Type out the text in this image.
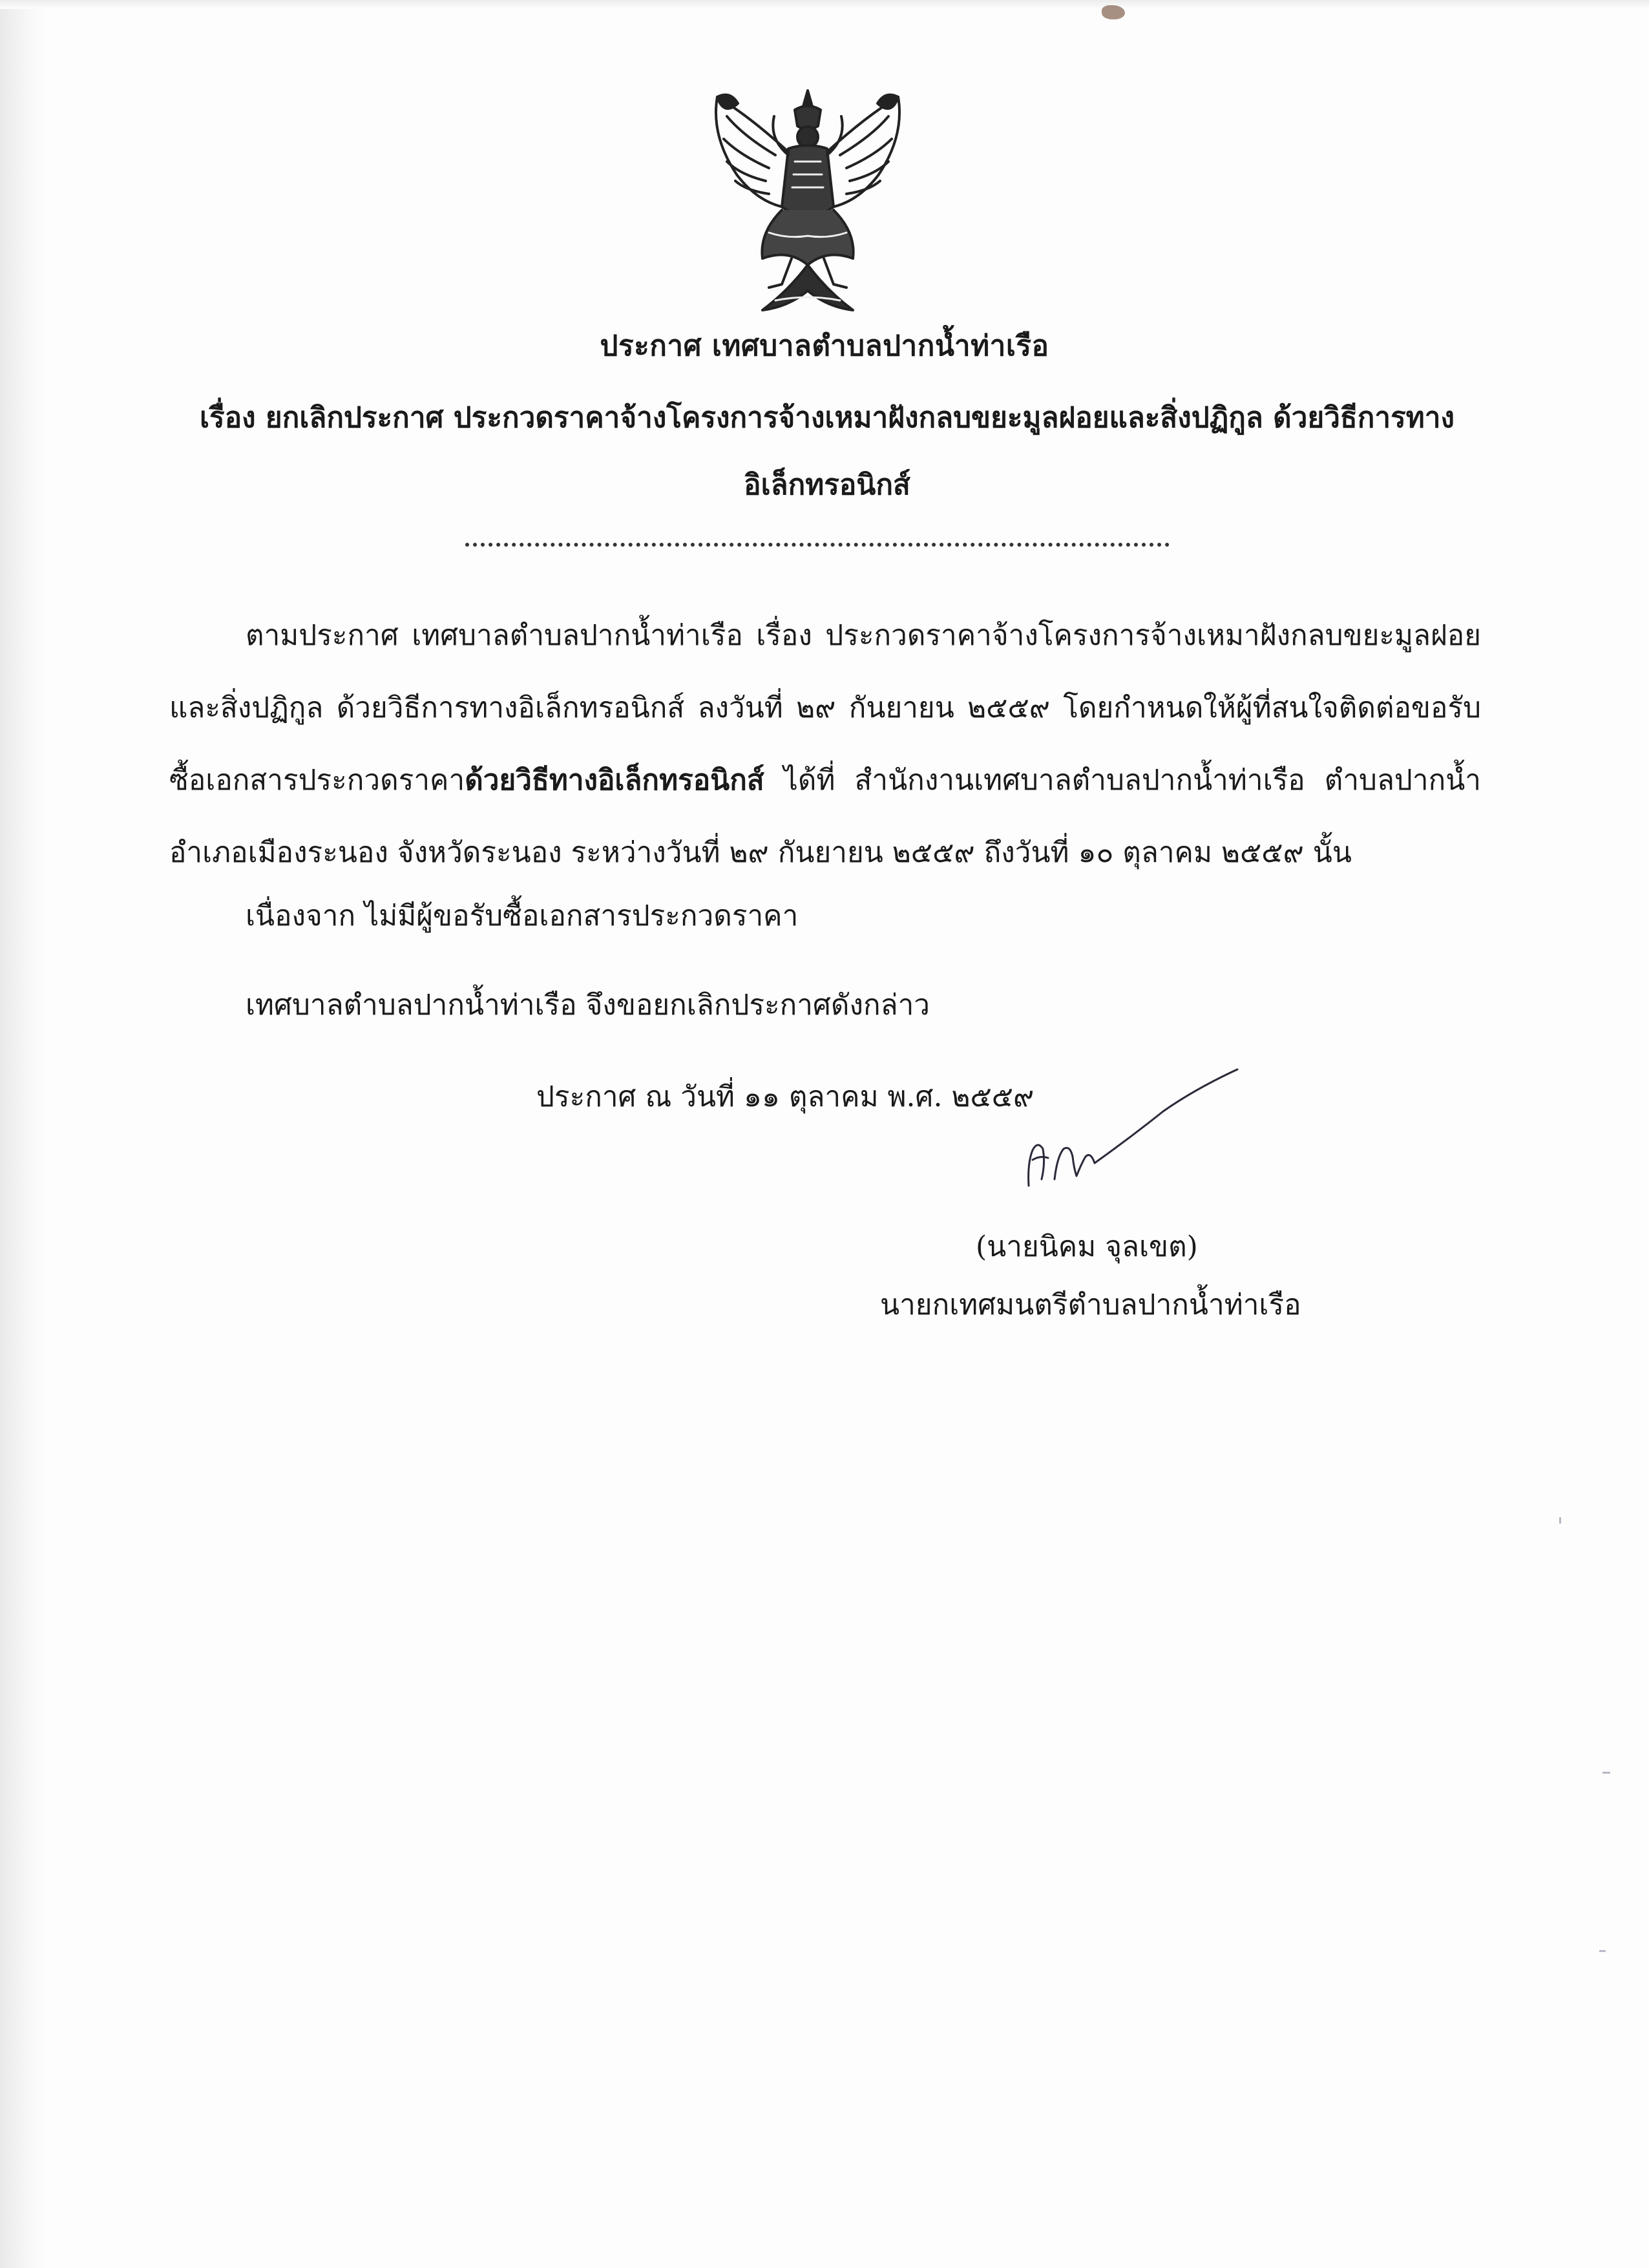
ประกาศ เทศบาลตำบลปากน้ำท่าเรือ
เรื่อง ยกเลิกประกาศ ประกวดราคาจ้างโครงการจ้างเหมาฝังกลบขยะมูลฝอยและสิ่งปฏิกูล ด้วยวิธีการทาง
อิเล็กทรอนิกส์

ตามประกาศ เทศบาลตำบลปากน้ำท่าเรือ เรื่อง ประกวดราคาจ้างโครงการจ้างเหมาฝังกลบขยะมูลฝอยและสิ่งปฏิกูล ด้วยวิธีการทางอิเล็กทรอนิกส์ ลงวันที่ ๒๙ กันยายน ๒๕๕๙ โดยกำหนดให้ผู้ที่สนใจติดต่อขอรับซื้อเอกสารประกวดราคาด้วยวิธีทางอิเล็กทรอนิกส์ ได้ที่ สำนักงานเทศบาลตำบลปากน้ำท่าเรือ ตำบลปากน้ำ อำเภอเมืองระนอง จังหวัดระนอง ระหว่างวันที่ ๒๙ กันยายน ๒๕๕๙ ถึงวันที่ ๑๐ ตุลาคม ๒๕๕๙ นั้น

เนื่องจาก ไม่มีผู้ขอรับซื้อเอกสารประกวดราคา
เทศบาลตำบลปากน้ำท่าเรือ จึงขอยกเลิกประกาศดังกล่าว
ประกาศ ณ วันที่ ๑๑ ตุลาคม พ.ศ. ๒๕๕๙
(นายนิคม จุลเขต)
นายกเทศมนตรีตำบลปากน้ำท่าเรือ
